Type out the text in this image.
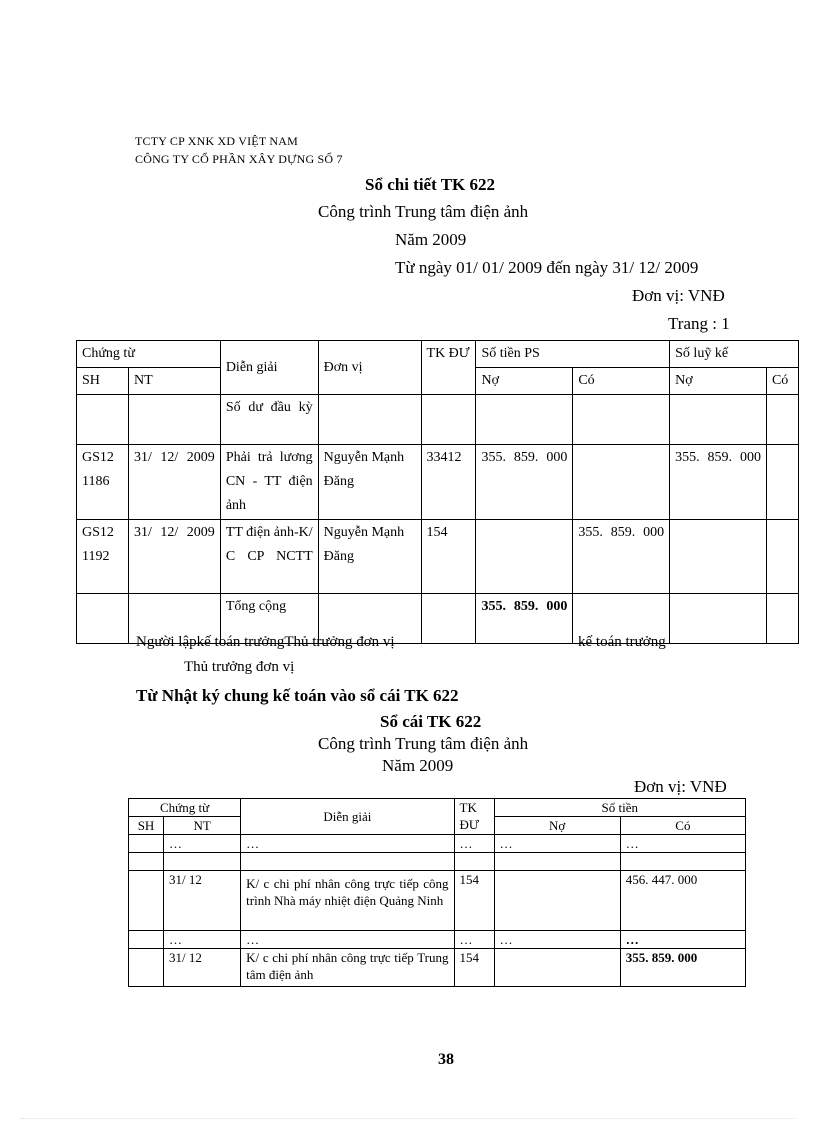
TCTY CP XNK XD VIỆT NAM
CÔNG TY CỔ PHẦN XÂY DỰNG SỐ 7
Sổ chi tiết TK 622
Công trình Trung tâm điện ảnh
Năm 2009
Từ ngày 01/ 01/ 2009 đến ngày 31/ 12/ 2009
Đơn vị: VNĐ
Trang : 1
Chứng từ		Diễn giải	Đơn vị	TK ĐƯ	Số tiền PS		Số luỹ kế	
SH	NT				Nợ	Có	Nợ	Có
		Số dư đầu kỳ						
GS12 1186	31/ 12/ 2009	Phải trả lương CN - TT điện ảnh	Nguyễn Mạnh Đăng	33412	355. 859. 000		355. 859. 000	
GS12 1192	31/ 12/ 2009	TT điện ảnh-K/ C CP NCTT	Nguyễn Mạnh Đăng	154		355. 859. 000		
		Tổng cộng			355. 859. 000			
Người lậpkế toán trưởngThủ trưởng đơn vị	kế toán trưởng
Thủ trưởng đơn vị
Từ Nhật ký chung kế toán vào sổ cái TK 622
Sổ cái TK 622
Công trình Trung tâm điện ảnh
Năm 2009
Đơn vị: VNĐ
Chứng từ		Diễn giải	TK ĐƯ	Số tiền	
SH	NT			Nợ	Có
	…	…	…	…	…

	31/ 12	K/ c chi phí nhân công trực tiếp công trình Nhà máy nhiệt điện Quảng Ninh	154		456. 447. 000
	…	…	…	…	…
	31/ 12	K/ c chi phí nhân công trực tiếp Trung tâm điện ảnh	154		355. 859. 000
38
